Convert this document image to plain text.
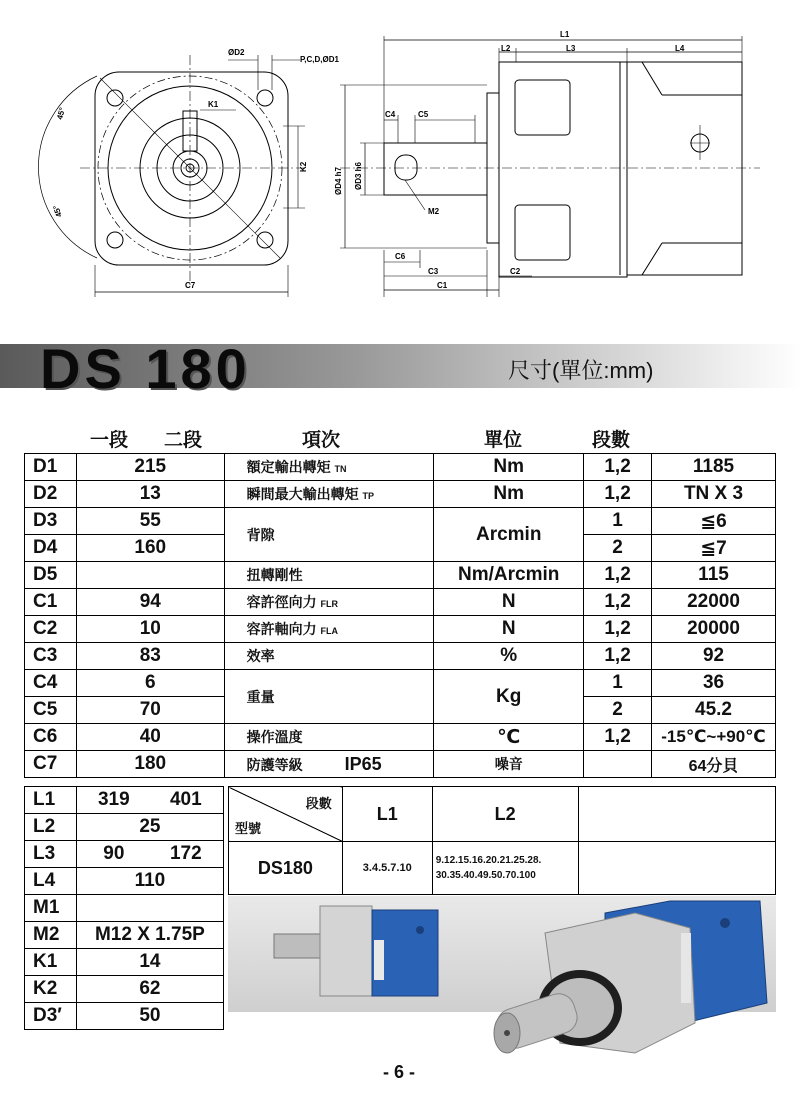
ØD2
P,C,D,ØD1
K1
K2
C7
45°
45°
L1
L2	L3	L4
C4	C5
ØD4 h7 ØD3 h6
M2
C6
C3	C2
C1
DS 180	尺寸(單位:mm)
一段 二段	項次	單位	段數
D1	215	額定輸出轉矩 TN	Nm	1,2	1185
D2	13	瞬間最大輸出轉矩 TP	Nm	1,2	TN X 3
D3	55	背隙	Arcmin	1	≦6
D4	160			2	≦7
D5		扭轉剛性	Nm/Arcmin	1,2	115
C1	94	容許徑向力 FLR	N	1,2	22000
C2	10	容許軸向力 FLA	N	1,2	20000
C3	83	效率	%	1,2	92
C4	6	重量	Kg	1	36
C5	70			2	45.2
C6	40	操作溫度	℃	1,2	-15℃~+90℃
C7	180	防護等級 IP65	噪音		64分貝
L1	319 401
L2	25
L3	90 172
L4	110
M1	
M2	M12 X 1.75P
K1	14
K2	62
D3′	50
段數
型號	L1	L2	
DS180	3.4.5.7.10	9.12.15.16.20.21.25.28.
30.35.40.49.50.70.100	

- 6 -
